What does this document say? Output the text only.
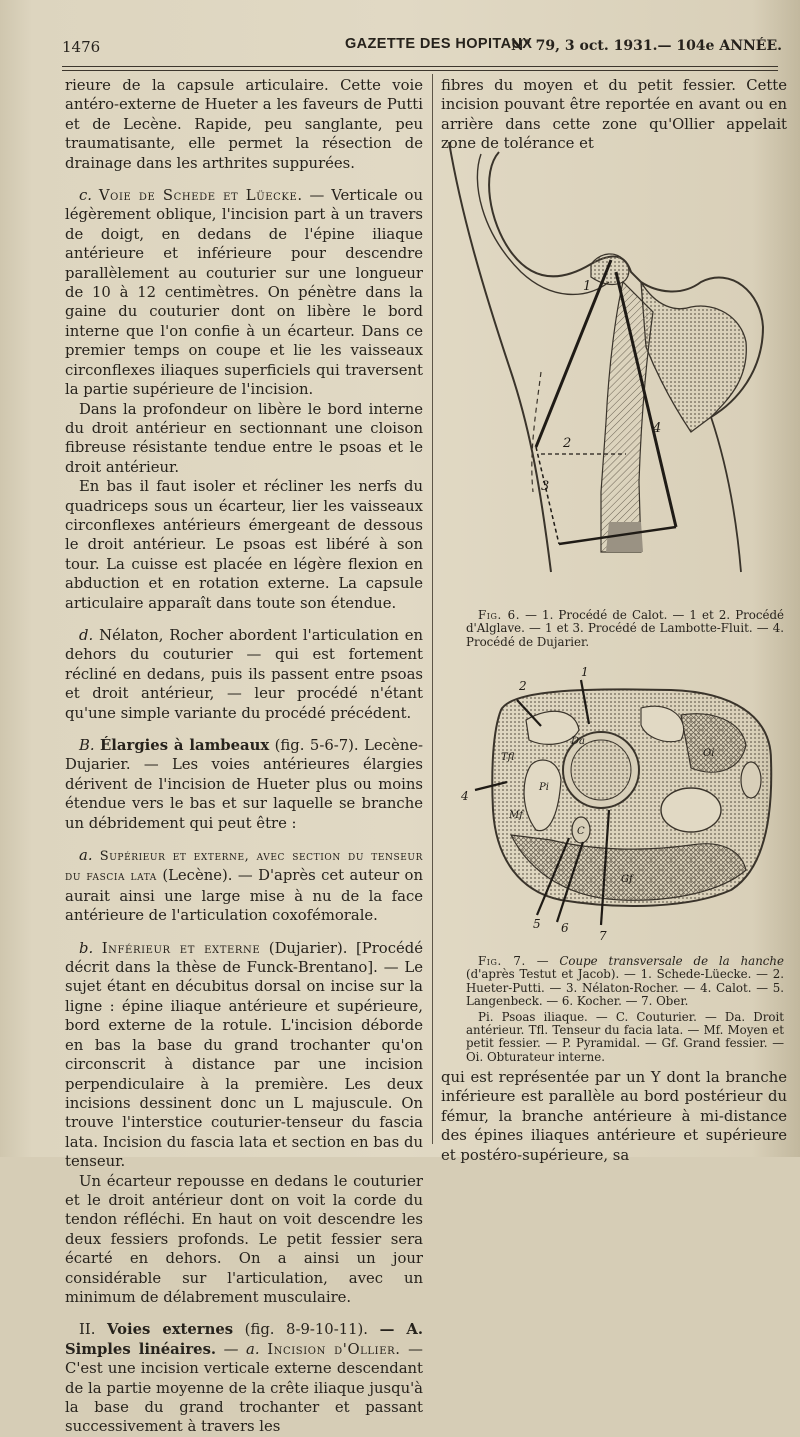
1476	GAZETTE DES HOPITAUX
N° 79, 3 oct. 1931.— 104e ANNÉE.

rieure de la capsule articulaire. Cette voie antéro-externe de Hueter a les faveurs de Putti et de Lecène. Rapide, peu sanglante, peu traumatisante, elle permet la résection de drainage dans les arthrites suppurées.

c. Voie de Schede et Lüecke. — Verticale ou légèrement oblique, l'incision part à un travers de doigt, en dedans de l'épine iliaque antérieure et inférieure pour descendre parallèlement au couturier sur une longueur de 10 à 12 centimètres. On pénètre dans la gaine du couturier dont on libère le bord interne que l'on confie à un écarteur. Dans ce premier temps on coupe et lie les vaisseaux circonflexes iliaques superficiels qui traversent la partie supérieure de l'incision.

Dans la profondeur on libère le bord interne du droit antérieur en sectionnant une cloison fibreuse résistante tendue entre le psoas et le droit antérieur.

En bas il faut isoler et récliner les nerfs du quadriceps sous un écarteur, lier les vaisseaux circonflexes antérieurs émergeant de dessous le droit antérieur. Le psoas est libéré à son tour. La cuisse est placée en légère flexion en abduction et en rotation externe. La capsule articulaire apparaît dans toute son étendue.

d. Nélaton, Rocher abordent l'articulation en dehors du couturier — qui est fortement récliné en dedans, puis ils passent entre psoas et droit antérieur, — leur procédé n'étant qu'une simple variante du procédé précédent.

B. Élargies à lambeaux (fig. 5-6-7). Lecène-Dujarier. — Les voies antérieures élargies dérivent de l'incision de Hueter plus ou moins étendue vers le bas et sur laquelle se branche un débridement qui peut être :

a. Supérieur et externe, avec section du tenseur du fascia lata (Lecène). — D'après cet auteur on aurait ainsi une large mise à nu de la face antérieure de l'articulation coxofémorale.

b. Inférieur et externe (Dujarier). [Procédé décrit dans la thèse de Funck-Brentano]. — Le sujet étant en décubitus dorsal on incise sur la ligne : épine iliaque antérieure et supérieure, bord externe de la rotule. L'incision déborde en bas la base du grand trochanter qu'on circonscrit à distance par une incision perpendiculaire à la première. Les deux incisions dessinent donc un L majuscule. On trouve l'interstice couturier-tenseur du fascia lata. Incision du fascia lata et section en bas du tenseur.

Un écarteur repousse en dedans le couturier et le droit antérieur dont on voit la corde du tendon réfléchi. En haut on voit descendre les deux fessiers profonds. Le petit fessier sera écarté en dehors. On a ainsi un jour considérable sur l'articulation, avec un minimum de délabrement musculaire.

II. Voies externes (fig. 8-9-10-11). — A. Simples linéaires. — a. Incision d'Ollier. — C'est une incision verticale externe descendant de la partie moyenne de la crête iliaque jusqu'à la base du grand trochanter et passant successivement à travers les

fibres du moyen et du petit fessier. Cette incision pouvant être reportée en avant ou en arrière dans cette zone qu'Ollier appelait zone de tolérance et
1
2
3
4
Fig. 6. — 1. Procédé de Calot. — 1 et 2. Procédé d'Alglave. — 1 et 3. Procédé de Lambotte-Fluit. — 4. Procédé de Dujarier.
1
2
4
5 6
7
Da
Pi
C
Tfl
Mf
Gf
Oi
Fig. 7. — Coupe transversale de la hanche (d'après Testut et Jacob). — 1. Schede-Lüecke. — 2. Hueter-Putti. — 3. Nélaton-Rocher. — 4. Calot. — 5. Langenbeck. — 6. Kocher. — 7. Ober.
Pi. Psoas iliaque. — C. Couturier. — Da. Droit antérieur. Tfl. Tenseur du facia lata. — Mf. Moyen et petit fessier. — P. Pyramidal. — Gf. Grand fessier. — Oi. Obturateur interne.
qui est représentée par un Y dont la branche inférieure est parallèle au bord postérieur du fémur, la branche antérieure à mi-distance des épines iliaques antérieure et supérieure et postéro-supérieure, sa
